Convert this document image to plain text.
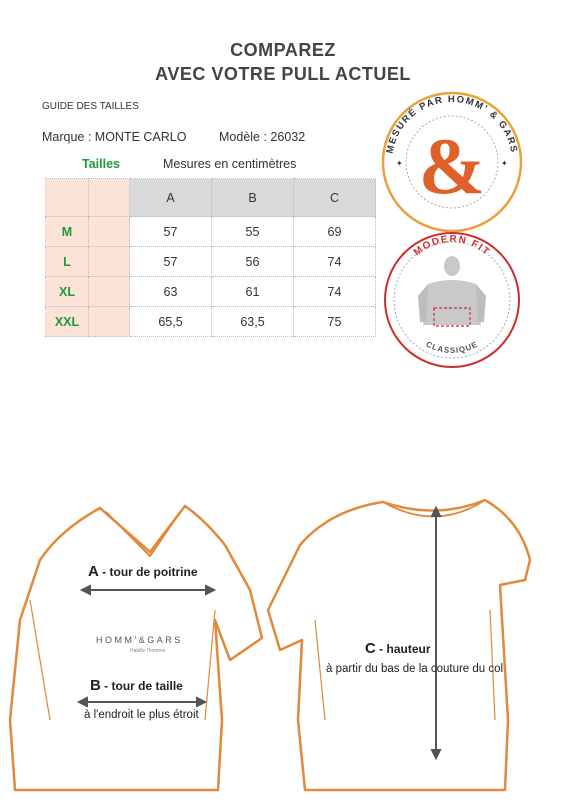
COMPAREZ
AVEC VOTRE PULL ACTUEL
GUIDE DES TAILLES
Marque : MONTE CARLO	Modèle : 26032
Tailles	Mesures en centimètres
		A	B	C
M		57	55	69
L		57	56	74
XL		63	61	74
XXL		65,5	63,5	75
MESURÉ PAR HOMM' & GARS
&
✦	✦
MODERN FIT
CLASSIQUE
A - tour de poitrine
HOMM'&GARS
Habille l'homme
B - tour de taille
à l'endroit le plus étroit
C - hauteur
à partir du bas de la couture du col
